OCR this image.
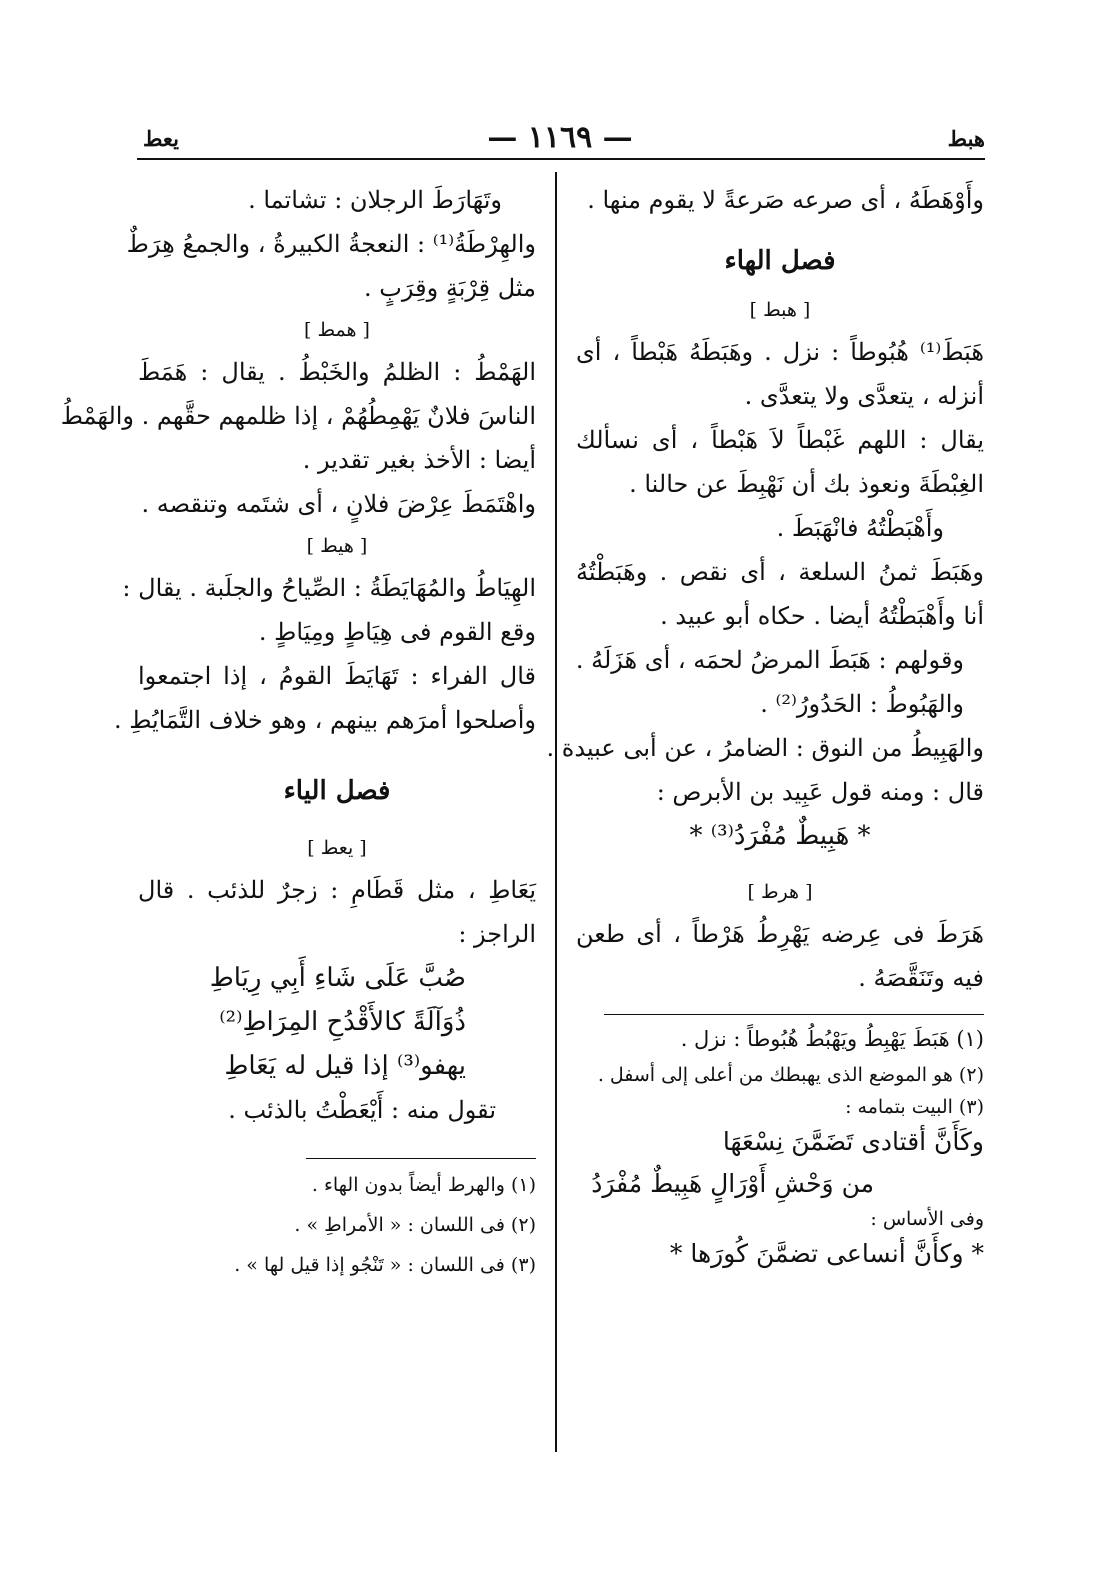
هبط
— ١١٦٩ —
يعط
وأَوْهَطَهُ ، أى صرعه صَرعةً لا يقوم منها .
فصل الهاء
[ هبط ]
هَبَطَ⁽¹⁾ هُبُوطاً : نزل . وهَبَطَهُ هَبْطاً ، أى
أنزله ، يتعدَّى ولا يتعدَّى .
يقال : اللهم غَبْطاً لاَ هَبْطاً ، أى نسألك
الغِبْطَةَ ونعوذ بك أن نَهْبِطَ عن حالنا .
وأَهْبَطْتُهُ فانْهَبَطَ .
وهَبَطَ ثمنُ السلعة ، أى نقص . وهَبَطْتُهُ
أنا وأَهْبَطْتُهُ أيضا . حكاه أبو عبيد .
وقولهم : هَبَطَ المرضُ لحمَه ، أى هَزَلَهُ .
والهَبُوطُ : الحَدُورُ⁽²⁾ .
والهَبِيطُ من النوق : الضامرُ ، عن أبى عبيدة .
قال : ومنه قول عَبِيد بن الأبرص :
* هَبِيطٌ مُفْرَدُ⁽³⁾ *
[ هرط ]
هَرَطَ فى عِرضه يَهْرِطُ هَرْطاً ، أى طعن
فيه وتَنَقَّصَهُ .
(١) هَبَطَ يَهْبِطُ ويَهْبُطُ هُبُوطاً : نزل .
(٢) هو الموضع الذى يهبطك من أعلى إلى أسفل .
(٣) البيت بتمامه :
وكَأَنَّ أقتادى تَضَمَّنَ نِسْعَهَا
من وَحْشِ أَوْرَالٍ هَبِيطٌ مُفْرَدُ
وفى الأساس :
* وكأَنَّ أنساعى تضمَّنَ كُورَها *
وتَهَارَطَ الرجلان : تشاتما .
والهِرْطَةُ⁽¹⁾ : النعجةُ الكبيرةُ ، والجمعُ هِرَطٌ
مثل قِرْبَةٍ وقِرَبٍ .
[ همط ]
الهَمْطُ : الظلمُ والخَبْطُ . يقال : هَمَطَ
الناسَ فلانٌ يَهْمِطُهُمْ ، إذا ظلمهم حقَّهم . والهَمْطُ
أيضا : الأخذ بغير تقدير .
واهْتَمَطَ عِرْضَ فلانٍ ، أى شتَمه وتنقصه .
[ هيط ]
الهِيَاطُ والمُهَايَطَةُ : الصِّياحُ والجلَبة . يقال :
وقع القوم فى هِيَاطٍ ومِيَاطٍ .
قال الفراء : تَهَايَطَ القومُ ، إذا اجتمعوا
وأصلحوا أمرَهم بينهم ، وهو خلاف التَّمَايُطِ .
فصل الياء
[ يعط ]
يَعَاطِ ، مثل قَطَامِ : زجرٌ للذئب . قال
الراجز :
صُبَّ عَلَى شَاءِ أَبِي رِيَاطِ
ذُوَآلَةً كالأَقْدُحِ المِرَاطِ⁽²⁾
يهفو⁽³⁾ إذا قيل له يَعَاطِ
تقول منه : أَيْعَطْتُ بالذئب .
(١) والهرط أيضاً بدون الهاء .
(٢) فى اللسان : « الأمراطِ » .
(٣) فى اللسان : « تَنْجُو إذا قيل لها » .
